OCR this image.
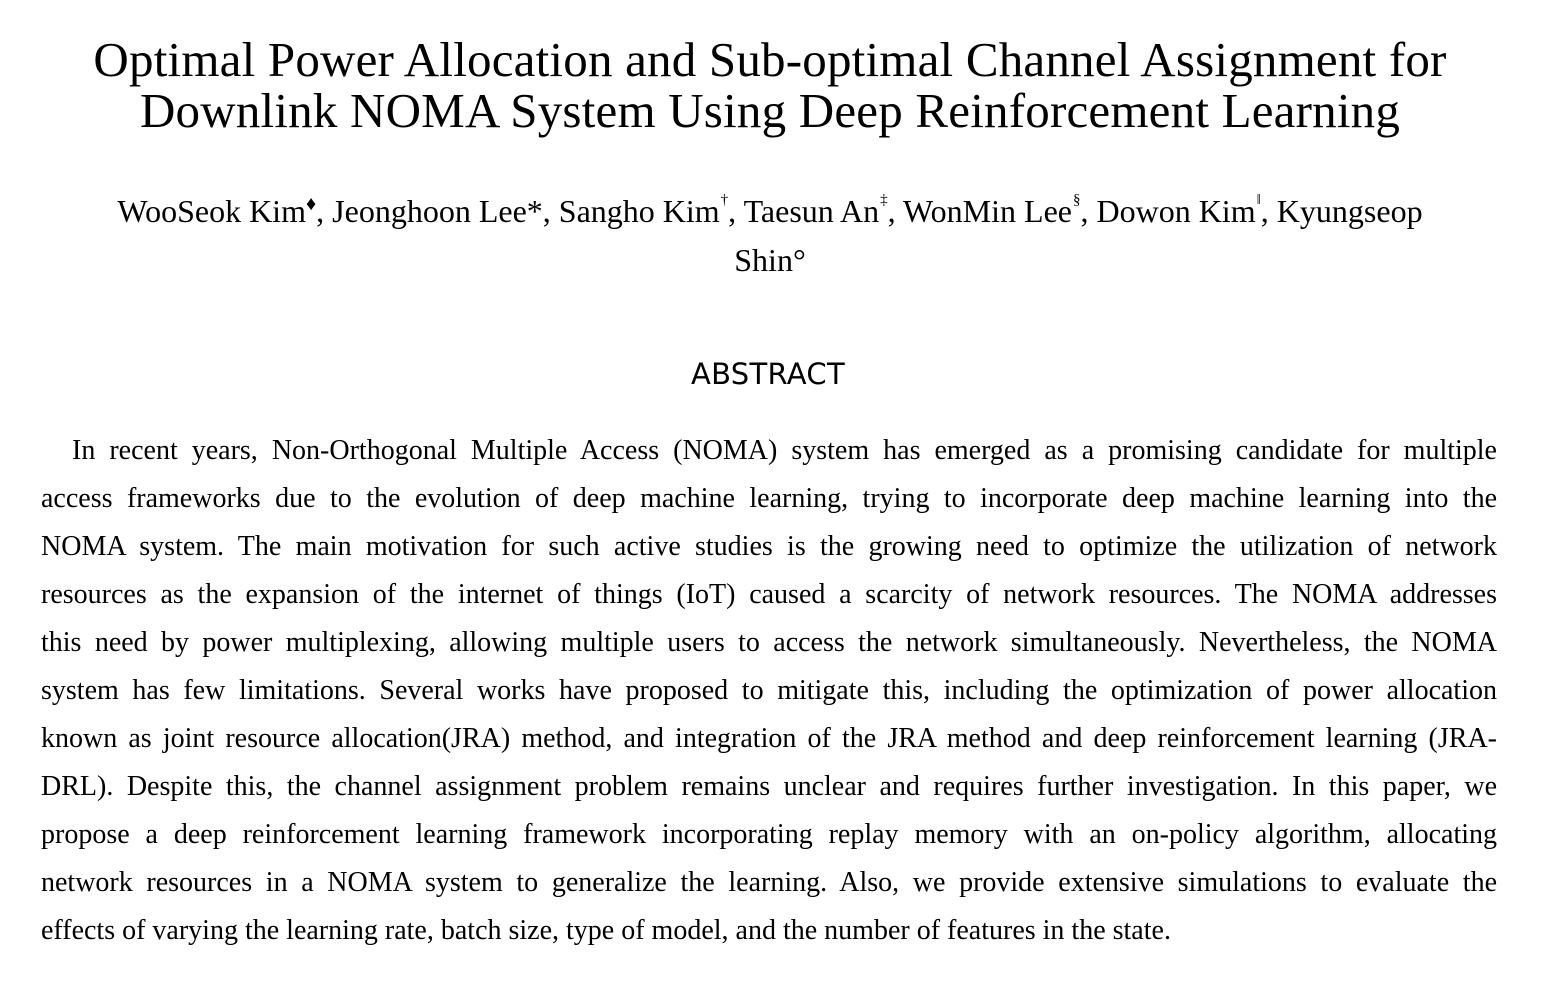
Optimal Power Allocation and Sub-optimal Channel Assignment for
Downlink NOMA System Using Deep Reinforcement Learning
WooSeok Kim♦, Jeonghoon Lee*, Sangho Kim†, Taesun An‡, WonMin Lee§, Dowon Kim‖, Kyungseop
Shin°
ABSTRACT
In recent years, Non-Orthogonal Multiple Access (NOMA) system has emerged as a promising candidate for multiple
access frameworks due to the evolution of deep machine learning, trying to incorporate deep machine learning into the
NOMA system. The main motivation for such active studies is the growing need to optimize the utilization of network
resources as the expansion of the internet of things (IoT) caused a scarcity of network resources. The NOMA addresses
this need by power multiplexing, allowing multiple users to access the network simultaneously. Nevertheless, the NOMA
system has few limitations. Several works have proposed to mitigate this, including the optimization of power allocation
known as joint resource allocation(JRA) method, and integration of the JRA method and deep reinforcement learning (JRA-
DRL). Despite this, the channel assignment problem remains unclear and requires further investigation. In this paper, we
propose a deep reinforcement learning framework incorporating replay memory with an on-policy algorithm, allocating
network resources in a NOMA system to generalize the learning. Also, we provide extensive simulations to evaluate the
effects of varying the learning rate, batch size, type of model, and the number of features in the state.
